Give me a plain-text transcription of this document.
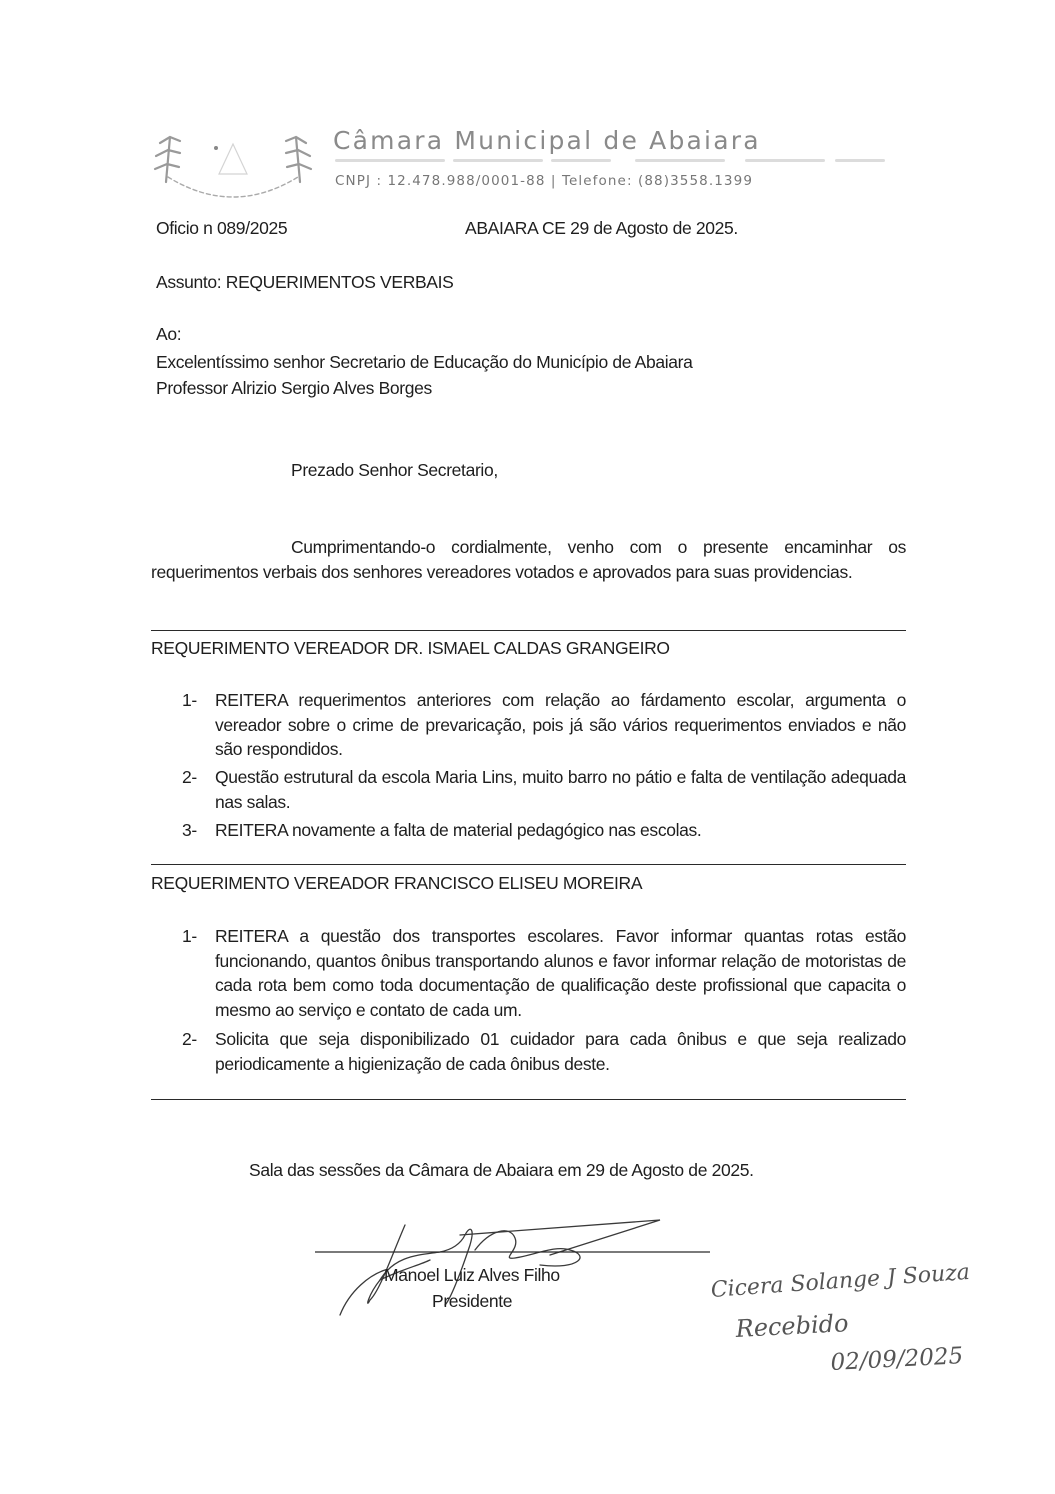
Câmara Municipal de Abaiara
CNPJ : 12.478.988/0001-88 | Telefone: (88)3558.1399
Oficio n 089/2025	ABAIARA CE 29 de Agosto de 2025.
Assunto: REQUERIMENTOS VERBAIS
Ao:
Excelentíssimo senhor Secretario de Educação do Município de Abaiara
Professor Alrizio Sergio Alves Borges
Prezado Senhor Secretario,
Cumprimentando-o cordialmente, venho com o presente encaminhar os requerimentos verbais dos senhores vereadores votados e aprovados para suas providencias.
REQUERIMENTO VEREADOR DR. ISMAEL CALDAS GRANGEIRO
1- REITERA requerimentos anteriores com relação ao fárdamento escolar, argumenta o vereador sobre o crime de prevaricação, pois já são vários requerimentos enviados e não são respondidos.
2- Questão estrutural da escola Maria Lins, muito barro no pátio e falta de ventilação adequada nas salas.
3- REITERA novamente a falta de material pedagógico nas escolas.
REQUERIMENTO VEREADOR FRANCISCO ELISEU MOREIRA
1- REITERA a questão dos transportes escolares. Favor informar quantas rotas estão funcionando, quantos ônibus transportando alunos e favor informar relação de motoristas de cada rota bem como toda documentação de qualificação deste profissional que capacita o mesmo ao serviço e contato de cada um.
2- Solicita que seja disponibilizado 01 cuidador para cada ônibus e que seja realizado periodicamente a higienização de cada ônibus deste.
Sala das sessões da Câmara de Abaiara em 29 de Agosto de 2025.
Manoel Luiz Alves Filho
Presidente	Cicera Solange J Souza
Recebido
02/09/2025
